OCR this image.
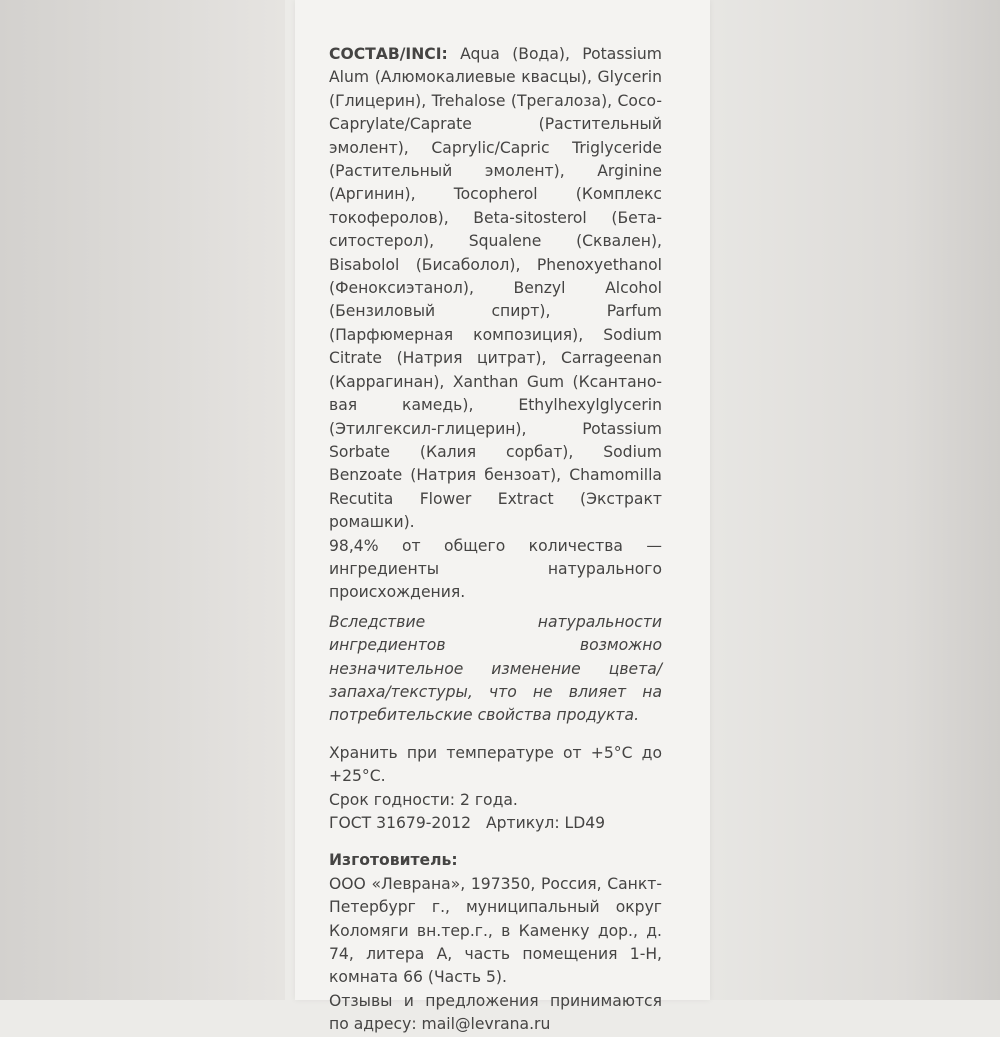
СОСТАВ/INCI: Aqua (Вода), Potassium Alum (Алюмокалиевые квасцы), Glycerin (Глицерин), Trehalose (Трегалоза), Coco-Caprylate/Caprate (Растительный эмолент), Caprylic/Capric Triglyceride (Растительный эмолент), Arginine (Аргинин), Tocopherol (Комплекс токоферолов), Beta-sitosterol (Бета-ситостерол), Squalene (Сквален), Bisabolol (Бисаболол), Phenoxyethanol (Феноксиэтанол), Benzyl Alcohol (Бензиловый спирт), Parfum (Парфюмерная композиция), Sodium Citrate (Натрия цитрат), Carrageenan (Каррагинан), Xanthan Gum (Ксантано-вая камедь), Ethylhexylglycerin (Этилгексил-глицерин), Potassium Sorbate (Калия сорбат), Sodium Benzoate (Натрия бензоат), Chamomilla Recutita Flower Extract (Экстракт ромашки).

98,4% от общего количества — ингредиенты натурального происхождения.

Вследствие натуральности ингредиентов возможно незначительное изменение цвета/запаха/текстуры, что не влияет на потребительские свойства продукта.

Хранить при температуре от +5°C до +25°C.

Срок годности: 2 года.

ГОСТ 31679-2012   Артикул: LD49

Изготовитель:

ООО «Леврана», 197350, Россия, Санкт-Петербург г., муниципальный округ Коломяги вн.тер.г., в Каменку дор., д. 74, литера А, часть помещения 1-Н, комната 66 (Часть 5).

Отзывы и предложения принимаются по адресу: mail@levrana.ru
